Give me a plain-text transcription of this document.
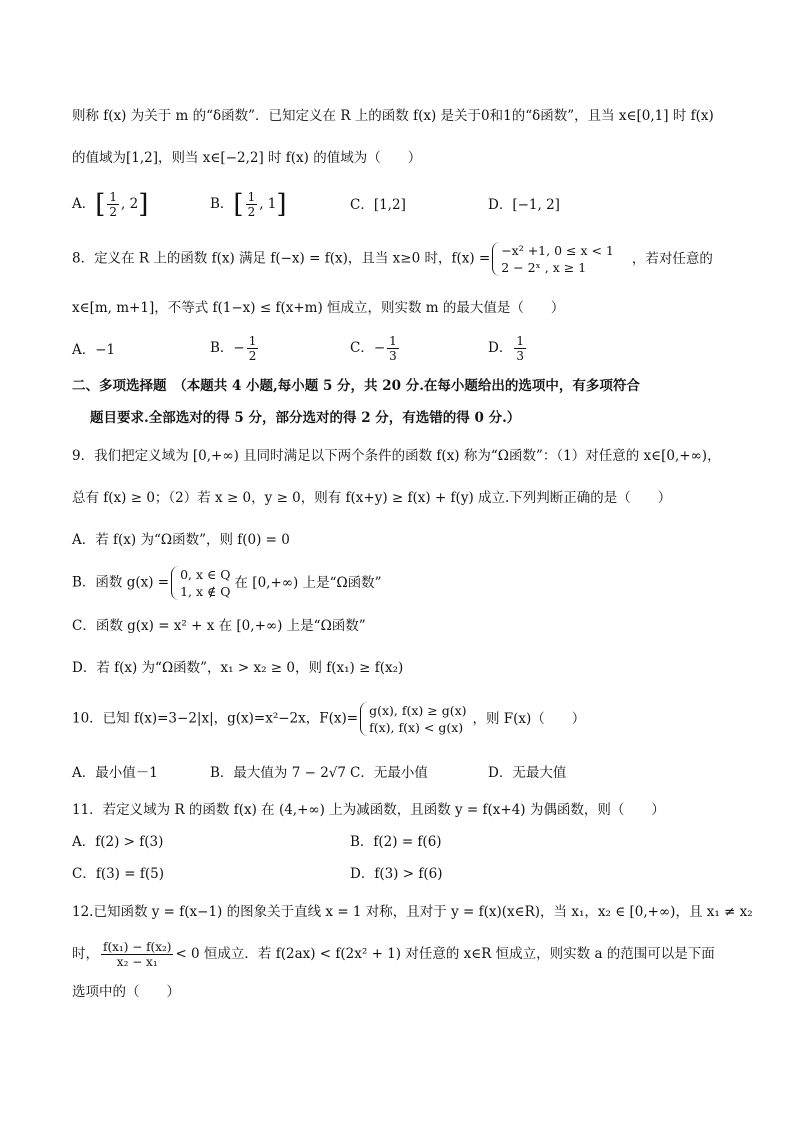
则称 f(x) 为关于 m 的“δ函数”．已知定义在 R 上的函数 f(x) 是关于0和1的“δ函数”，且当 x∈[0,1] 时 f(x)
的值域为[1,2]，则当 x∈[−2,2] 时 f(x) 的值域为（　　）
A．[ $\frac{1}{2}$ , 2]	B．[ $\frac{1}{2}$ , 1]	C．[1,2]	D．[−1, 2]
8．定义在 R 上的函数 f(x) 满足 f(−x) = f(x)，且当 x≥0 时，f(x) = −x² +1, 0 ≤ x < 1
2 − 2ˣ , x ≥ 1
，若对任意的
x∈[m, m+1]，不等式 f(1−x) ≤ f(x+m) 恒成立，则实数 m 的最大值是（　　）
A．−1	B．− $\frac{1}{2}$	C．− $\frac{1}{3}$	D． $\frac{1}{3}$
二、多项选择题　（本题共 4 小题,每小题 5 分，共 20 分.在每小题给出的选项中，有多项符合
题目要求.全部选对的得 5 分，部分选对的得 2 分，有选错的得 0 分.）
9．我们把定义域为 [0,+∞) 且同时满足以下两个条件的函数 f(x) 称为“Ω函数”：（1）对任意的 x∈[0,+∞)，
总有 f(x) ≥ 0；（2）若 x ≥ 0，y ≥ 0，则有 f(x+y) ≥ f(x) + f(y) 成立.下列判断正确的是（　　）
A．若 f(x) 为“Ω函数”，则 f(0) = 0
B．函数 g(x) = 0, x ∈ Q
1, x ∉ Q
在 [0,+∞) 上是“Ω函数”
C．函数 g(x) = x² + x 在 [0,+∞) 上是“Ω函数”
D．若 f(x) 为“Ω函数”，x₁ > x₂ ≥ 0，则 f(x₁) ≥ f(x₂)
10．已知 f(x)=3−2|x|，g(x)=x²−2x，F(x)= g(x), f(x) ≥ g(x)
f(x), f(x) < g(x)
，则 F(x)（　　）
A．最小值－1	B．最大值为 7 − 2√7 C．无最小值	D．无最大值
11．若定义域为 R 的函数 f(x) 在 (4,+∞) 上为减函数，且函数 y = f(x+4) 为偶函数，则（　　）
A．f(2) > f(3)	B．f(2) = f(6)
C．f(3) = f(5)	D．f(3) > f(6)
12.已知函数 y = f(x−1) 的图象关于直线 x = 1 对称，且对于 y = f(x)(x∈R)，当 x₁，x₂ ∈ [0,+∞)，且 x₁ ≠ x₂
时， $\frac{\text{f(x₁) − f(x₂)}}{\text{x₂ − x₁}} < 0$ 恒成立．若 f(2ax) < f(2x² + 1) 对任意的 x∈R 恒成立，则实数 a 的范围可以是下面
选项中的（　　）
